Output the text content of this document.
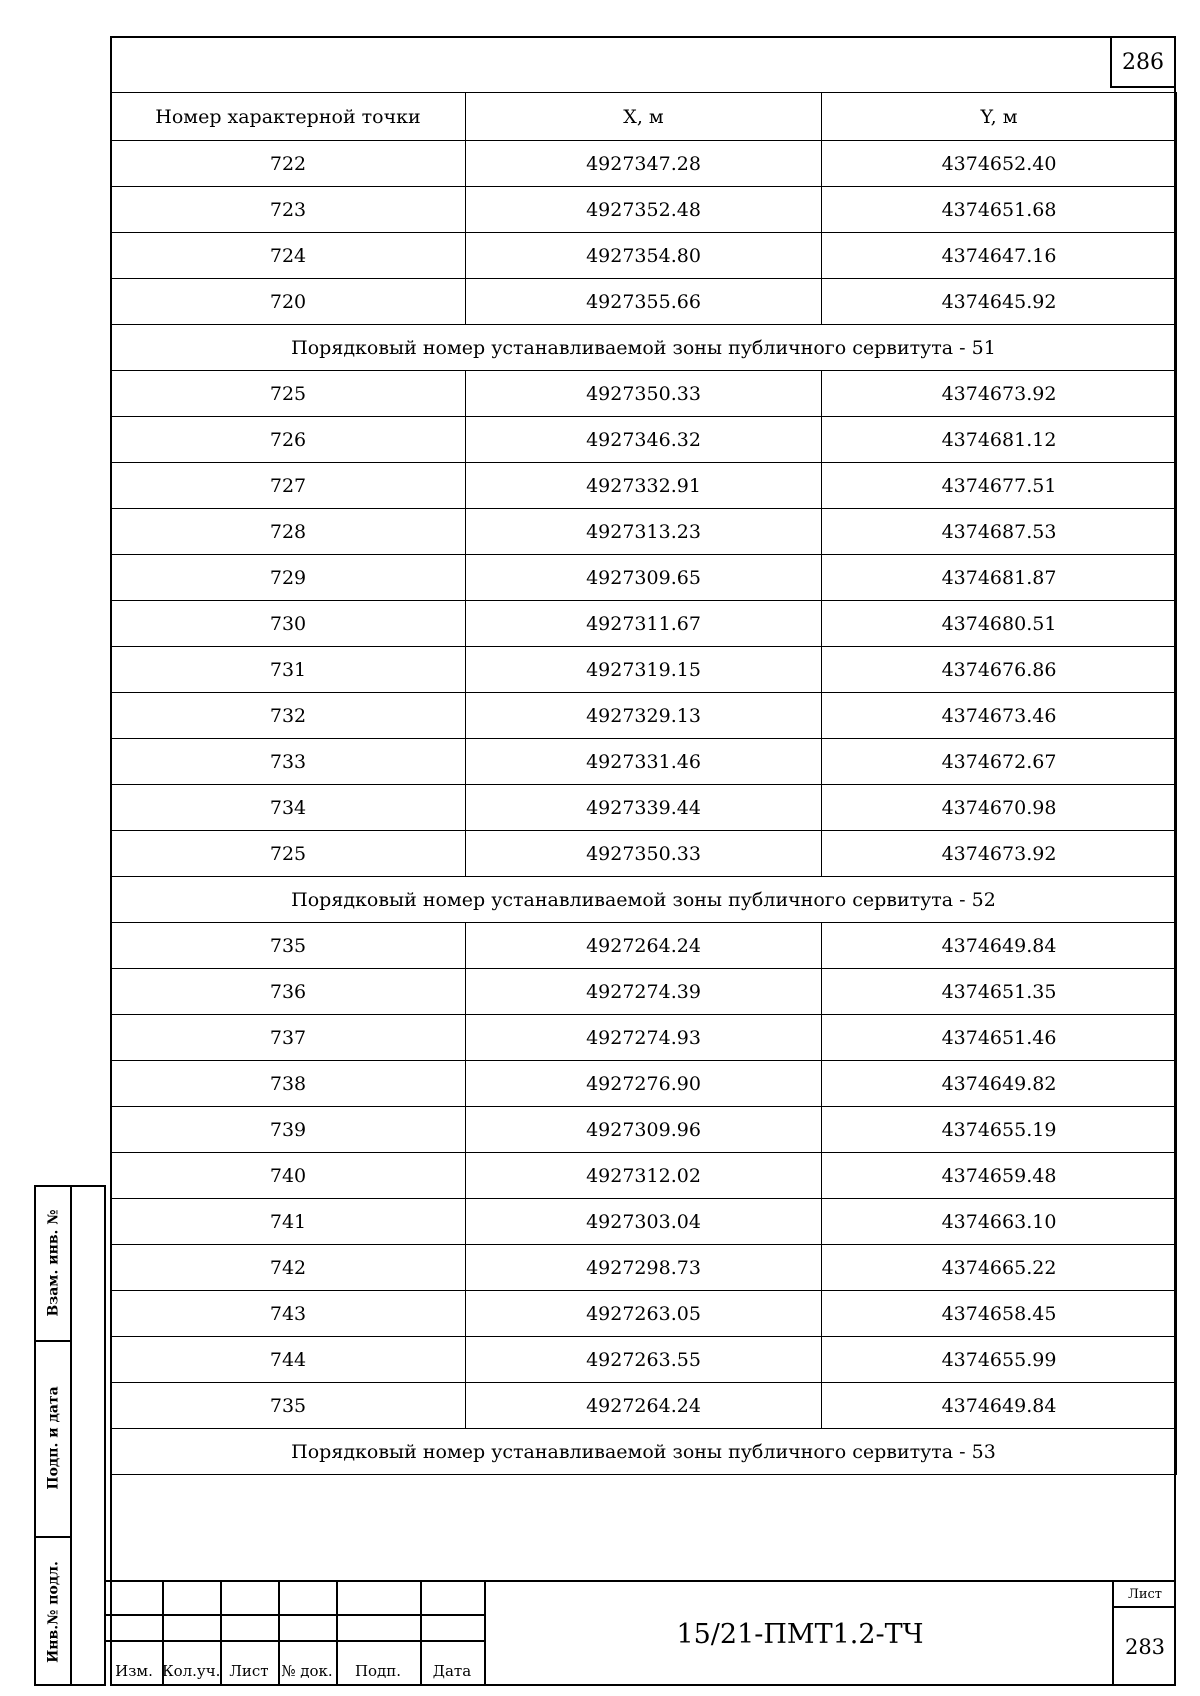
286
Номер характерной точки	X, м	Y, м
722	4927347.28	4374652.40
723	4927352.48	4374651.68
724	4927354.80	4374647.16
720	4927355.66	4374645.92
Порядковый номер устанавливаемой зоны публичного сервитута - 51		
725	4927350.33	4374673.92
726	4927346.32	4374681.12
727	4927332.91	4374677.51
728	4927313.23	4374687.53
729	4927309.65	4374681.87
730	4927311.67	4374680.51
731	4927319.15	4374676.86
732	4927329.13	4374673.46
733	4927331.46	4374672.67
734	4927339.44	4374670.98
725	4927350.33	4374673.92
Порядковый номер устанавливаемой зоны публичного сервитута - 52		
735	4927264.24	4374649.84
736	4927274.39	4374651.35
737	4927274.93	4374651.46
738	4927276.90	4374649.82
739	4927309.96	4374655.19
740	4927312.02	4374659.48
741	4927303.04	4374663.10
742	4927298.73	4374665.22
743	4927263.05	4374658.45
744	4927263.55	4374655.99
735	4927264.24	4374649.84
Порядковый номер устанавливаемой зоны публичного сервитута - 53		
Взам. инв. №
Подп. и дата
Инв.№ подл.
Изм. Кол.уч. Лист № док.	Подп.	Дата
15/21-ПМТ1.2-ТЧ
Лист
283
